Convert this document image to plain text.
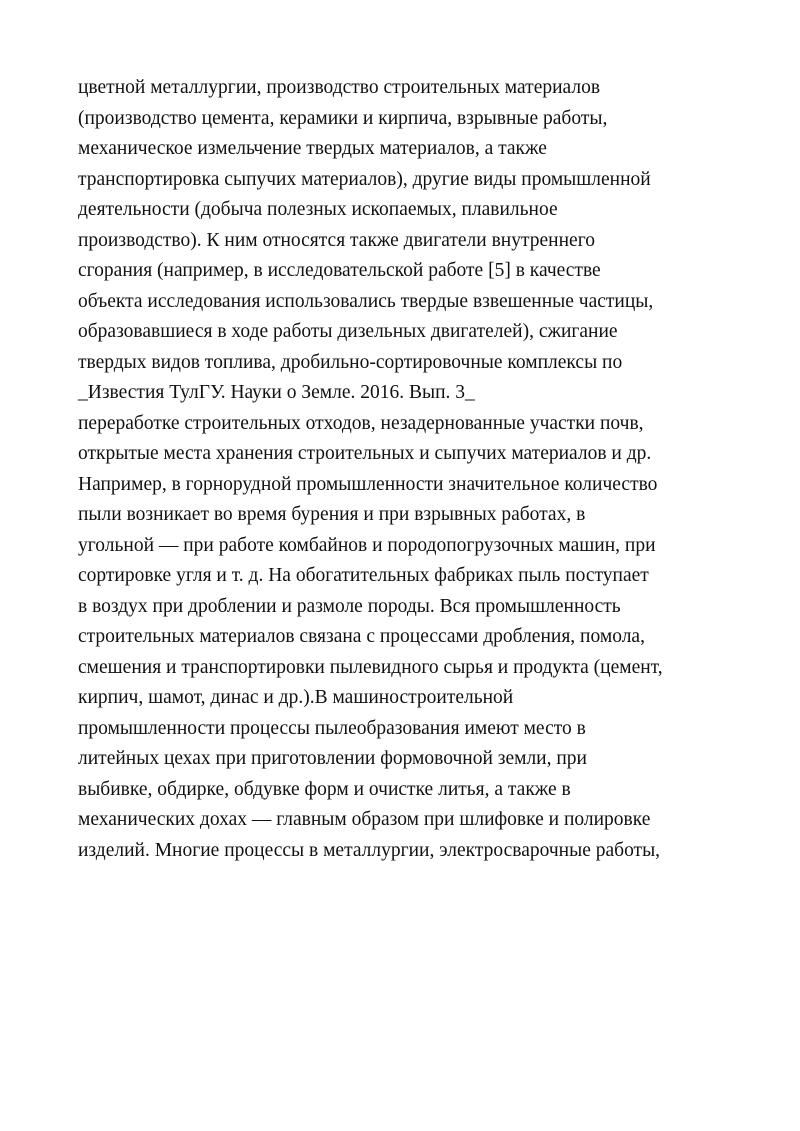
цветной металлургии, производство строительных материалов
(производство цемента, керамики и кирпича, взрывные работы,
механическое измельчение твердых материалов, а также
транспортировка сыпучих материалов), другие виды промышленной
деятельности (добыча полезных ископаемых, плавильное
производство). К ним относятся также двигатели внутреннего
сгорания (например, в исследовательской работе [5] в качестве
объекта исследования использовались твердые взвешенные частицы,
образовавшиеся в ходе работы дизельных двигателей), сжигание
твердых видов топлива, дробильно-сортировочные комплексы по
_Известия ТулГУ. Науки о Земле. 2016. Вып. 3_
переработке строительных отходов, незадернованные участки почв,
открытые места хранения строительных и сыпучих материалов и др.
Например, в горнорудной промышленности значительное количество
пыли возникает во время бурения и при взрывных работах, в
угольной — при работе комбайнов и породопогрузочных машин, при
сортировке угля и т. д. На обогатительных фабриках пыль поступает
в воздух при дроблении и размоле породы. Вся промышленность
строительных материалов связана с процессами дробления, помола,
смешения и транспортировки пылевидного сырья и продукта (цемент,
кирпич, шамот, динас и др.).В машиностроительной
промышленности процессы пылеобразования имеют место в
литейных цехах при приготовлении формовочной земли, при
выбивке, обдирке, обдувке форм и очистке литья, а также в
механических дохах — главным образом при шлифовке и полировке
изделий. Многие процессы в металлургии, электросварочные работы,
